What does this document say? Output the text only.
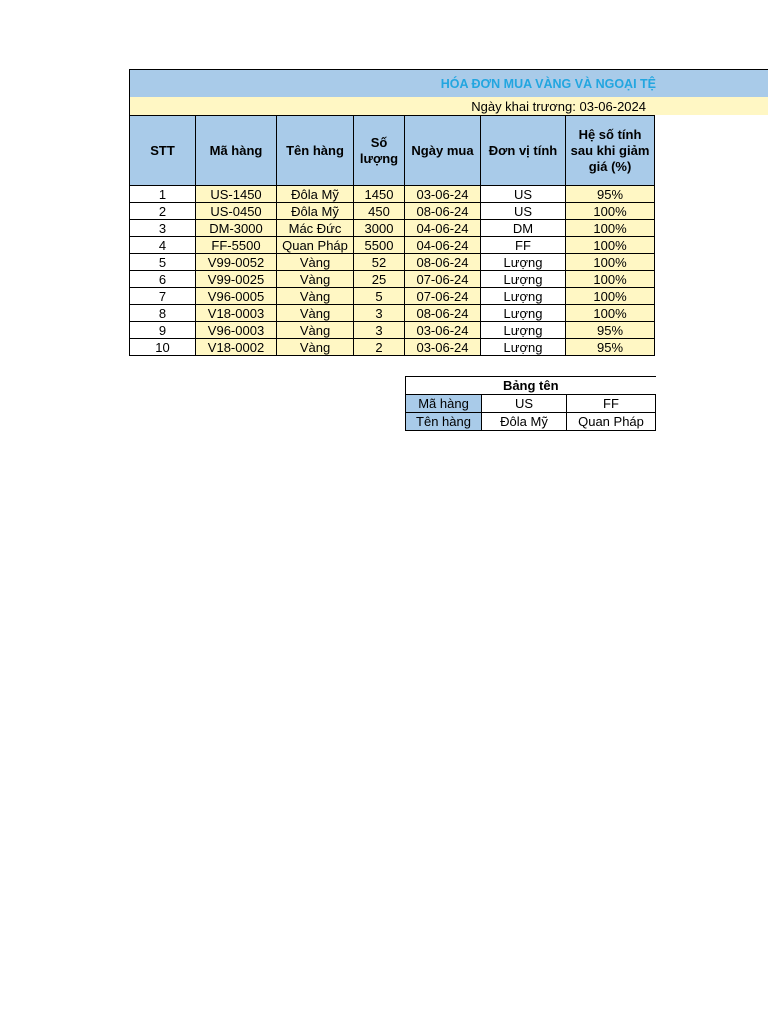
HÓA ĐƠN MUA VÀNG VÀ NGOẠI TỆ
Ngày khai trương: 03-06-2024
STT	Mã hàng	Tên hàng	Số lượng	Ngày mua	Đơn vị tính	Hệ số tính sau khi giảm giá (%)
1	US-1450	Đôla Mỹ	1450	03-06-24	US	95%
2	US-0450	Đôla Mỹ	450	08-06-24	US	100%
3	DM-3000	Mác Đức	3000	04-06-24	DM	100%
4	FF-5500	Quan Pháp	5500	04-06-24	FF	100%
5	V99-0052	Vàng	52	08-06-24	Lượng	100%
6	V99-0025	Vàng	25	07-06-24	Lượng	100%
7	V96-0005	Vàng	5	07-06-24	Lượng	100%
8	V18-0003	Vàng	3	08-06-24	Lượng	100%
9	V96-0003	Vàng	3	03-06-24	Lượng	95%
10	V18-0002	Vàng	2	03-06-24	Lượng	95%
Bảng tên		
Mã hàng	US	FF
Tên hàng	Đôla Mỹ	Quan Pháp
